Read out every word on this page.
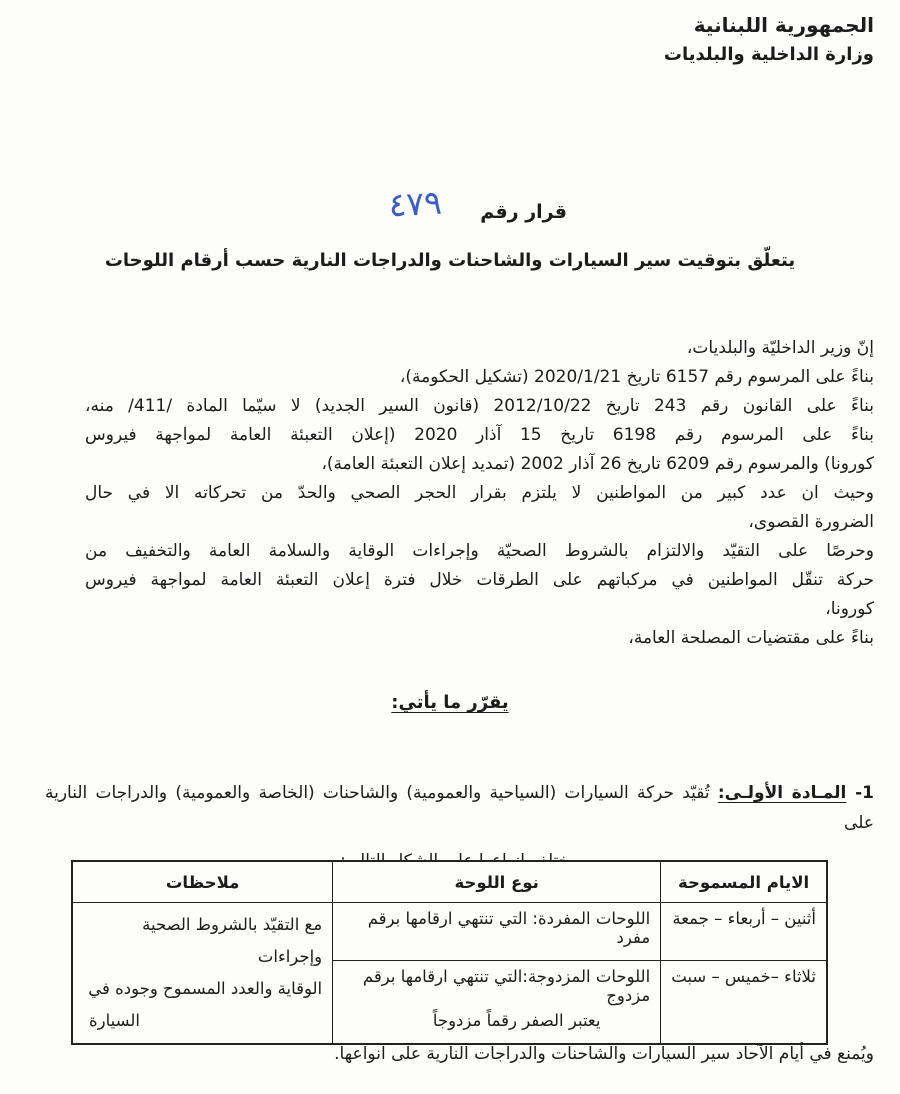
الجمهورية اللبنانية
وزارة الداخلية والبلديات
قرار رقم
٤٧٩
يتعلّق بتوقيت سير السيارات والشاحنات والدراجات النارية حسب أرقام اللوحات
إنّ وزير الداخليّة والبلديات،
بناءً على المرسوم رقم 6157 تاريخ 2020/1/21 (تشكيل الحكومة)،
بناءً على القانون رقم 243 تاريخ 2012/10/22 (قانون السير الجديد) لا سيّما المادة /411/ منه،
بناءً على المرسوم رقم 6198 تاريخ 15 آذار 2020 (إعلان التعبئة العامة لمواجهة فيروس
كورونا) والمرسوم رقم 6209 تاريخ 26 آذار 2002 (تمديد إعلان التعبئة العامة)،
وحيث ان عدد كبير من المواطنين لا يلتزم بقرار الحجر الصحي والحدّ من تحركاته الا في حال
الضرورة القصوى،
وحرصًا على التقيّد والالتزام بالشروط الصحيّة وإجراءات الوقاية والسلامة العامة والتخفيف من
حركة تنقّل المواطنين في مركباتهم على الطرقات خلال فترة إعلان التعبئة العامة لمواجهة فيروس
كورونا،
بناءً على مقتضيات المصلحة العامة،
يقرّر ما يأتي:
1- المـادة الأولـى: تُقيّد حركة السيارات (السياحية والعمومية) والشاحنات (الخاصة والعمومية) والدراجات النارية على
الايام المسموحة	نوع اللوحة	ملاحظات
أثنين – أربعاء – جمعة	اللوحات المفردة: التي تنتهي ارقامها برقم مفرد	مع التقيّد بالشروط الصحية وإجراءات
الوقاية والعدد المسموح وجوده في
السيارة

ثلاثاء –خميس – سبت	اللوحات المزدوجة:التي تنتهي ارقامها برقم مزدوج
يعتبر الصفر رقماً مزدوجاً	
ويُمنع في أيام الآحاد سير السيارات والشاحنات والدراجات النارية على انواعها.
